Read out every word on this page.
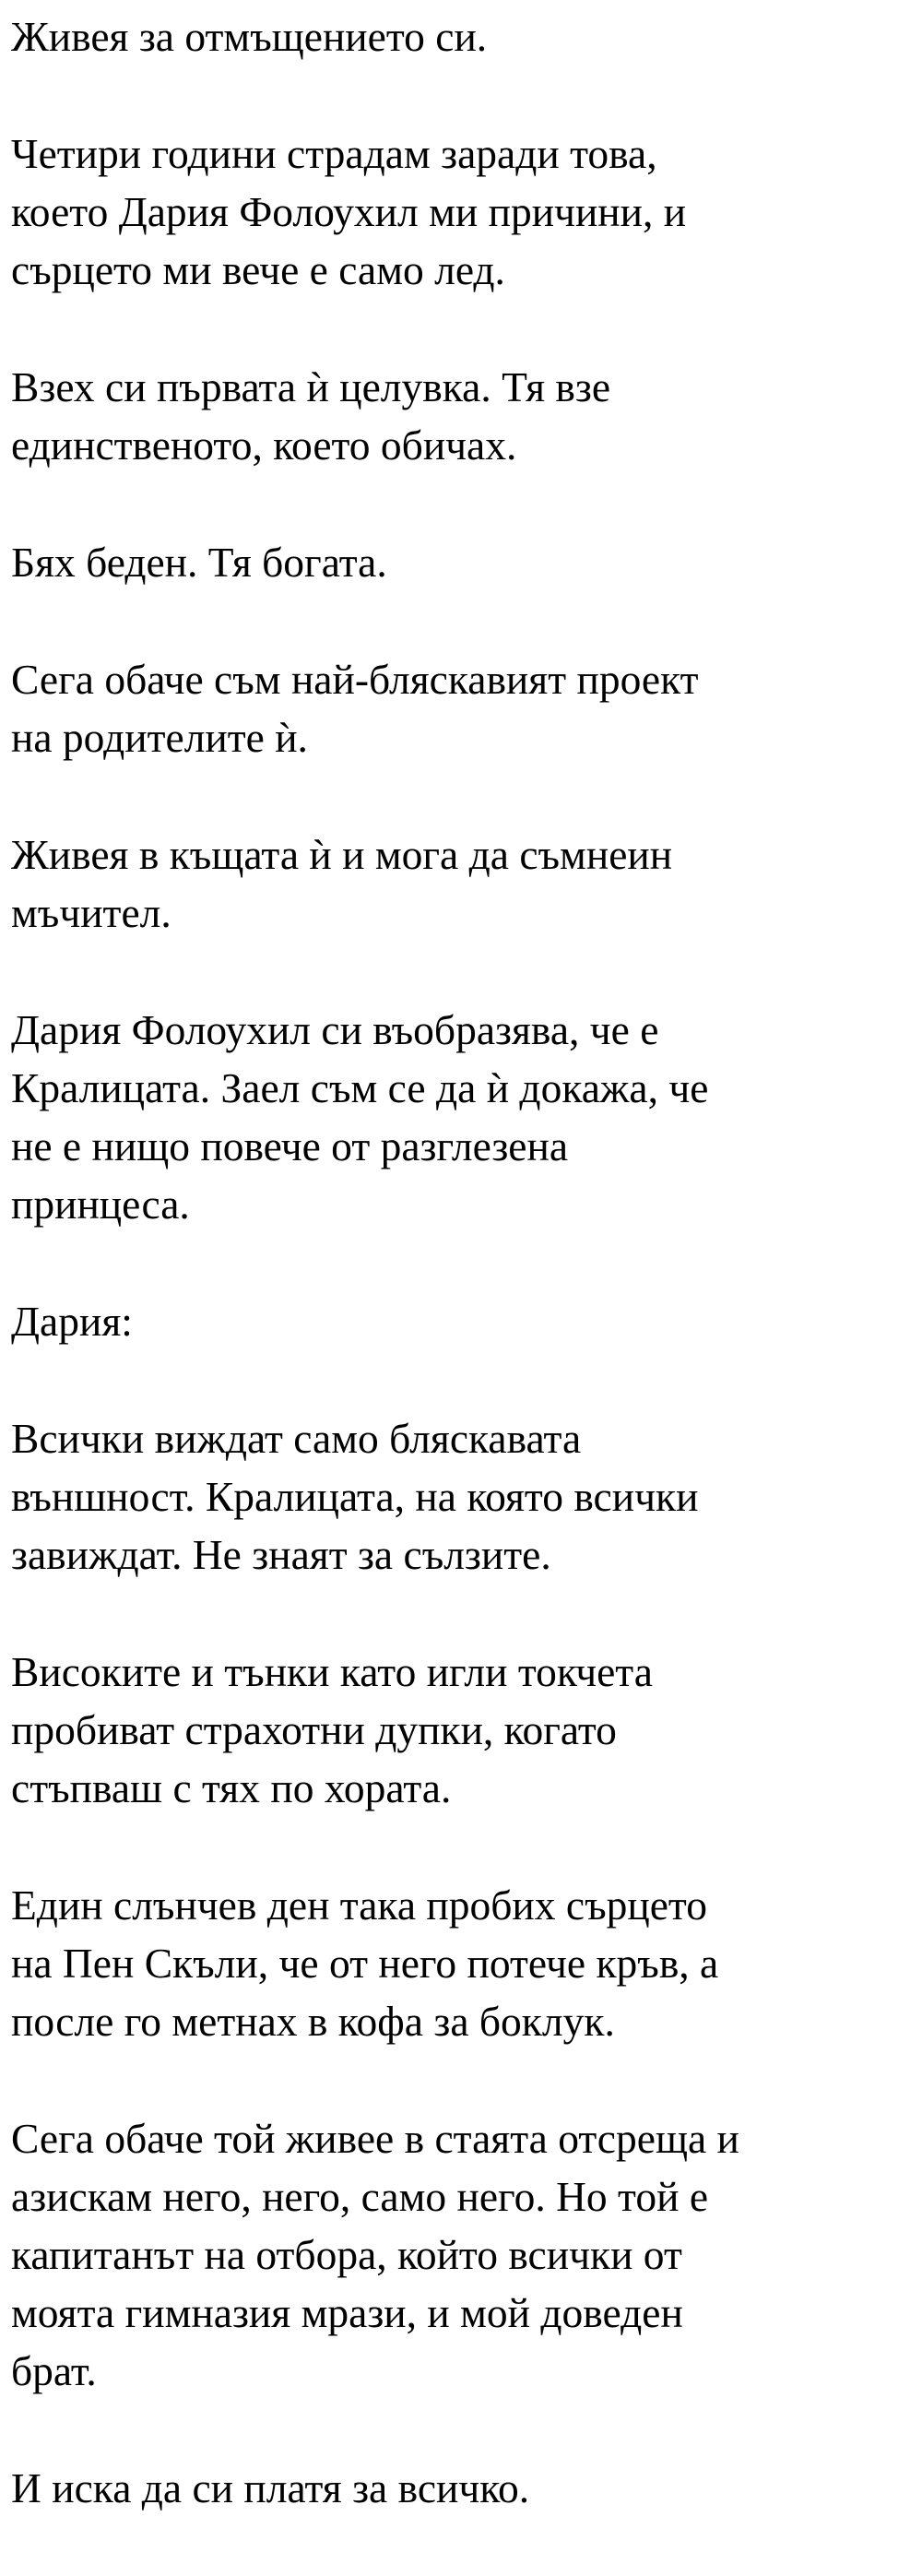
Живея за отмъщението си.

Четири години страдам заради това,
което Дария Фолоухил ми причини, и
сърцето ми вече е само лед.

Взех си първата ѝ целувка. Тя взе
единственото, което обичах.

Бях беден. Тя богата.

Сега обаче съм най-бляскавият проект
на родителите ѝ.

Живея в къщата ѝ и мога да съмнеин
мъчител.

Дария Фолоухил си въобразява, че е
Кралицата. Заел съм се да ѝ докажа, че
не е нищо повече от разглезена
принцеса.

Дария:

Всички виждат само бляскавата
външност. Кралицата, на която всички
завиждат. Не знаят за сълзите.

Високите и тънки като игли токчета
пробиват страхотни дупки, когато
стъпваш с тях по хората.

Един слънчев ден така пробих сърцето
на Пен Скъли, че от него потече кръв, а
после го метнах в кофа за боклук.

Сега обаче той живее в стаята отсреща и
азискам него, него, само него. Но той е
капитанът на отбора, който всички от
моята гимназия мрази, и мой доведен
брат.

И иска да си платя за всичко.
